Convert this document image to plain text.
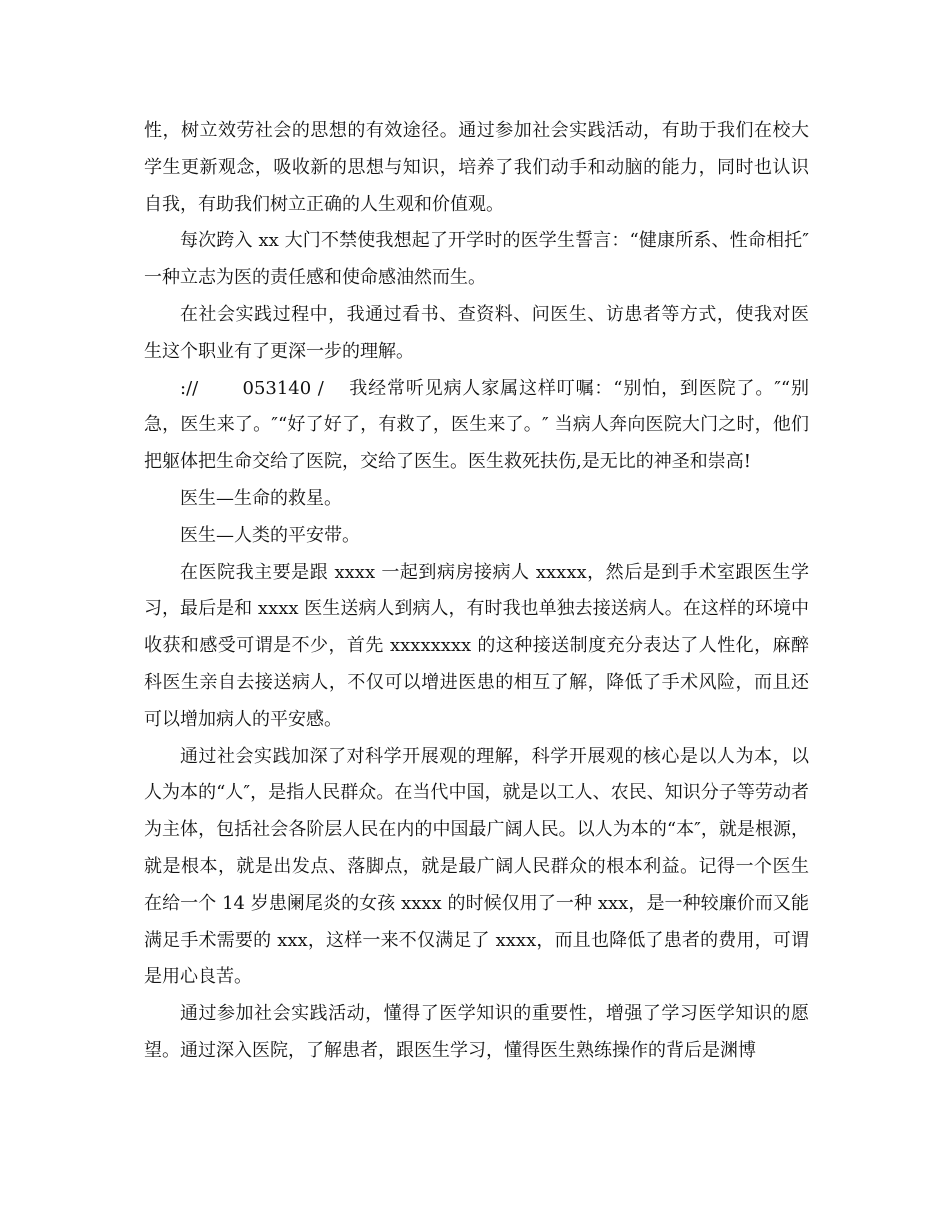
性，树立效劳社会的思想的有效途径。通过参加社会实践活动，有助于我们在校大学生更新观念，吸收新的思想与知识，培养了我们动手和动脑的能力，同时也认识自我，有助我们树立正确的人生观和价值观。

每次跨入 xx 大门不禁使我想起了开学时的医学生誓言：“健康所系、性命相托″一种立志为医的责任感和使命感油然而生。

在社会实践过程中，我通过看书、查资料、问医生、访患者等方式，使我对医生这个职业有了更深一步的理解。

:// 　　053140 / 　我经常听见病人家属这样叮嘱：“别怕，到医院了。″“别急，医生来了。″“好了好了，有救了，医生来了。″ 当病人奔向医院大门之时，他们把躯体把生命交给了医院，交给了医生。医生救死扶伤,是无比的神圣和崇高!

医生—生命的救星。

医生—人类的平安带。

在医院我主要是跟 xxxx 一起到病房接病人 xxxxx，然后是到手术室跟医生学习，最后是和 xxxx 医生送病人到病人，有时我也单独去接送病人。在这样的环境中收获和感受可谓是不少，首先 xxxxxxxx 的这种接送制度充分表达了人性化，麻醉科医生亲自去接送病人，不仅可以增进医患的相互了解，降低了手术风险，而且还可以增加病人的平安感。

通过社会实践加深了对科学开展观的理解，科学开展观的核心是以人为本，以人为本的“人″，是指人民群众。在当代中国，就是以工人、农民、知识分子等劳动者为主体，包括社会各阶层人民在内的中国最广阔人民。以人为本的“本″，就是根源，就是根本，就是出发点、落脚点，就是最广阔人民群众的根本利益。记得一个医生在给一个 14 岁患阑尾炎的女孩 xxxx 的时候仅用了一种 xxx，是一种较廉价而又能满足手术需要的 xxx，这样一来不仅满足了 xxxx，而且也降低了患者的费用，可谓是用心良苦。

通过参加社会实践活动，懂得了医学知识的重要性，增强了学习医学知识的愿望。通过深入医院，了解患者，跟医生学习，懂得医生熟练操作的背后是渊博
